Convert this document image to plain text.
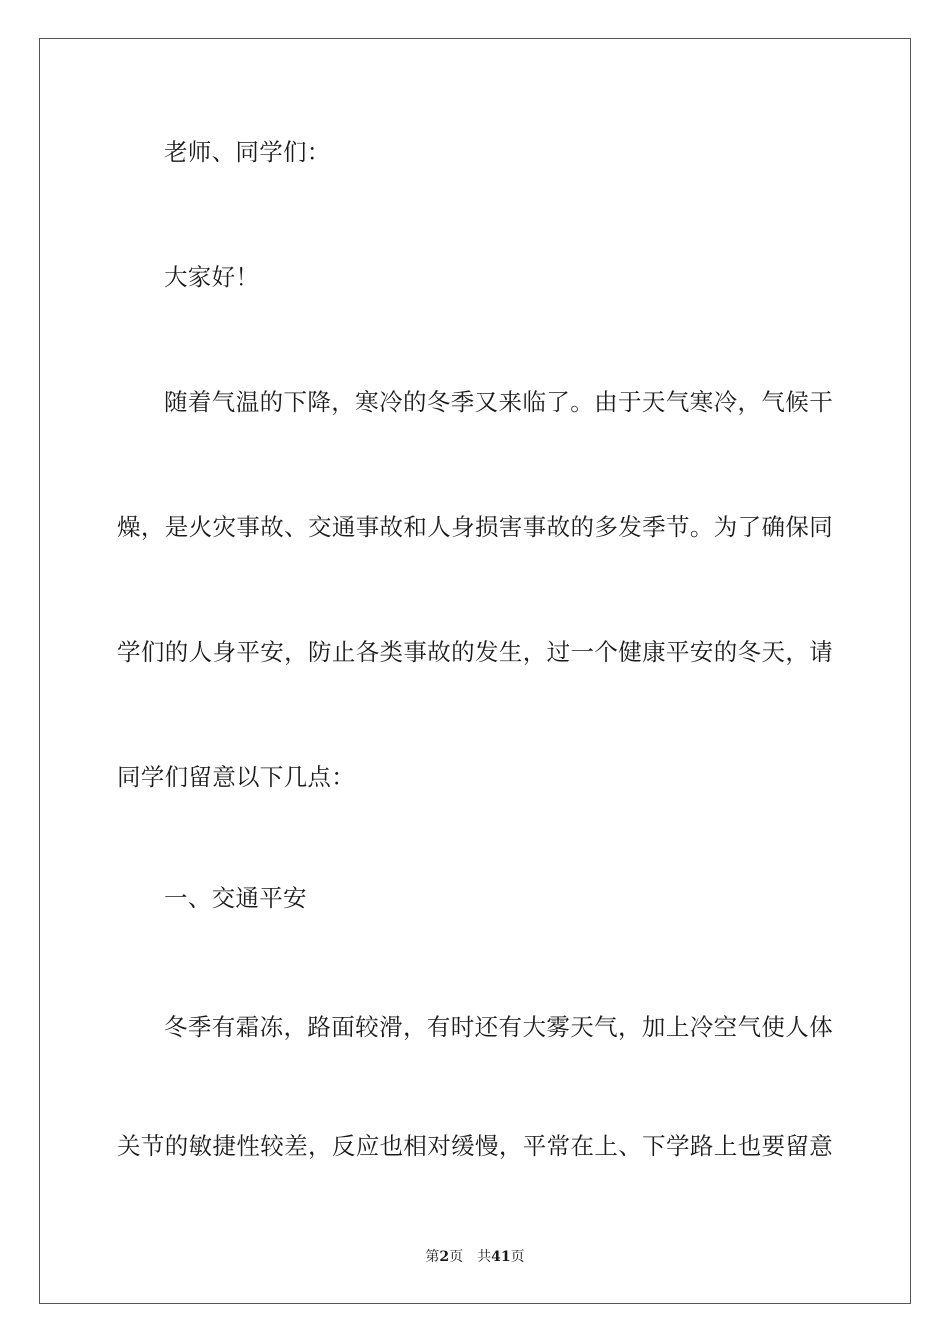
老师、同学们：
大家好！
随着气温的下降，寒冷的冬季又来临了。由于天气寒冷，气候干
燥，是火灾事故、交通事故和人身损害事故的多发季节。为了确保同
学们的人身平安，防止各类事故的发生，过一个健康平安的冬天，请
同学们留意以下几点：
一、交通平安
冬季有霜冻，路面较滑，有时还有大雾天气，加上冷空气使人体
关节的敏捷性较差，反应也相对缓慢，平常在上、下学路上也要留意
第2页 共41页
